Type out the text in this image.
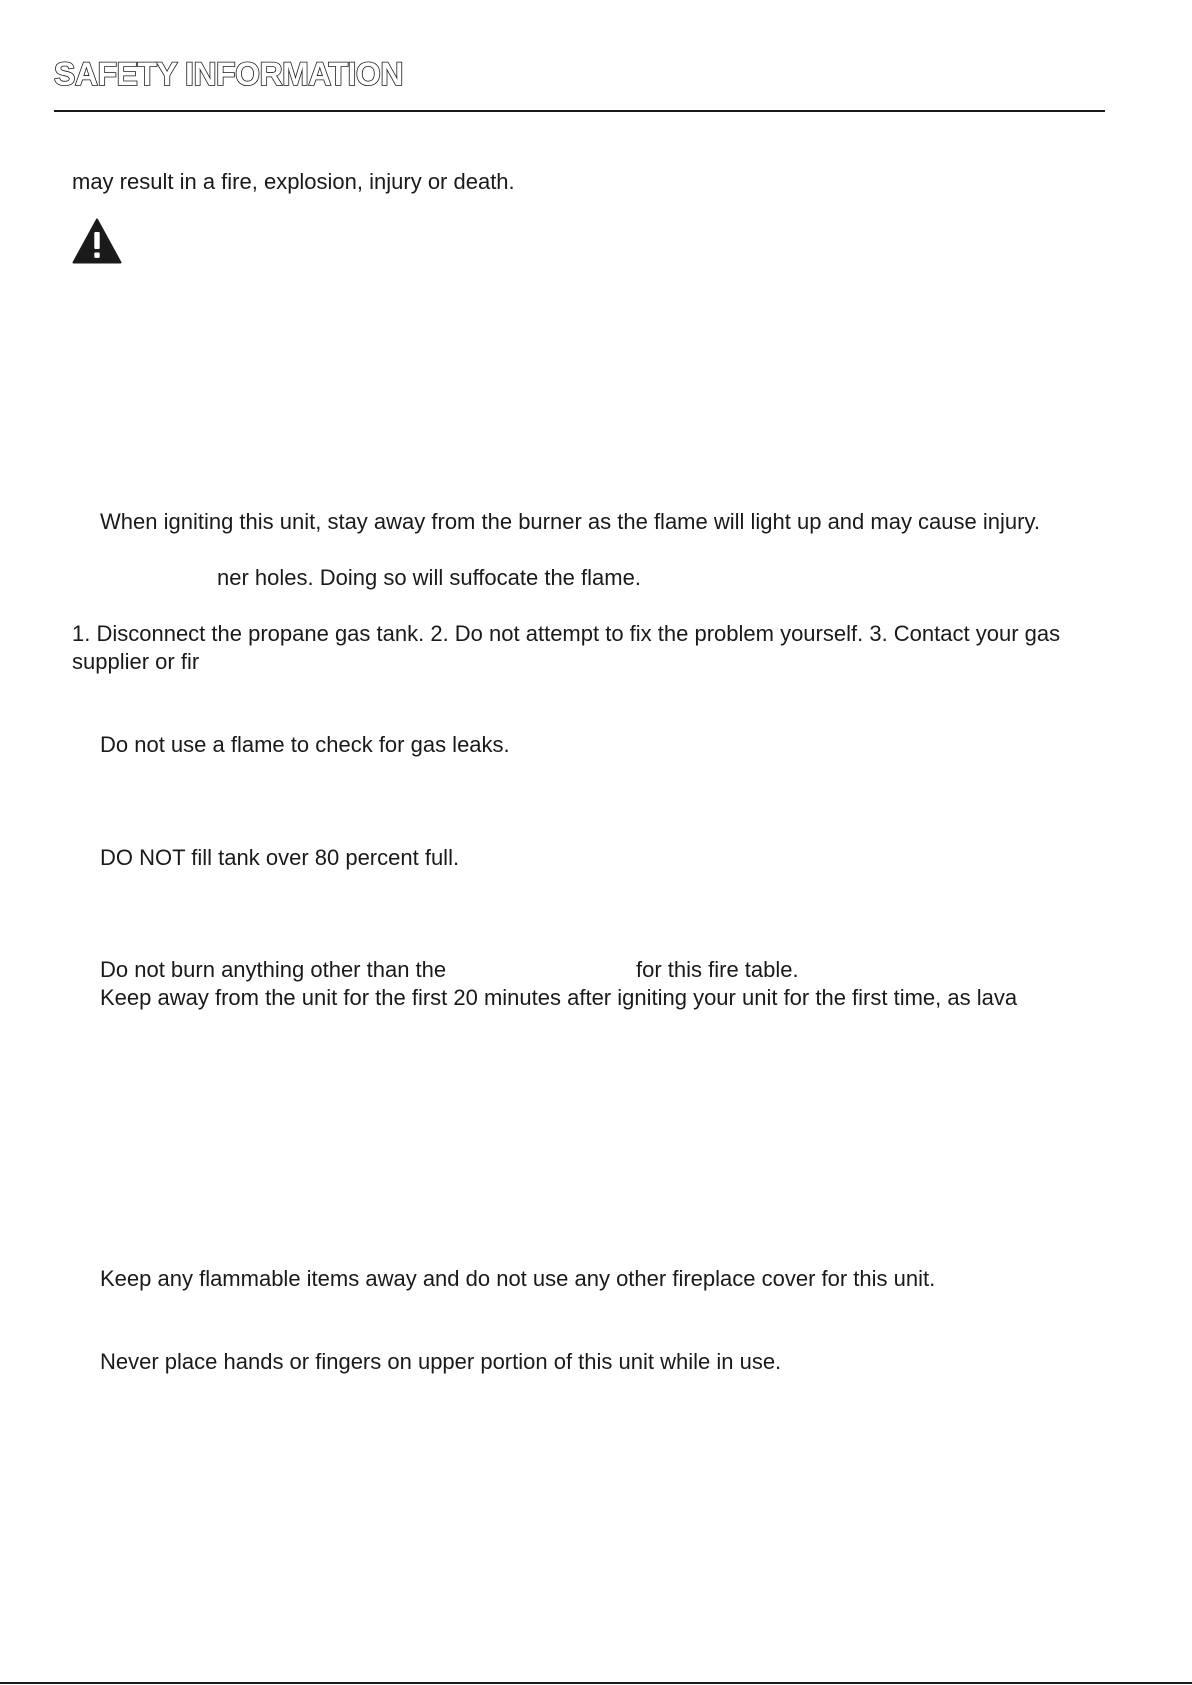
SAFETY INFORMATION
may result in a fire, explosion, injury or death.
When igniting this unit, stay away from the burner as the flame will light up and may cause injury.
ner holes. Doing so will suffocate the flame.
1. Disconnect the propane gas tank. 2. Do not attempt to fix the problem yourself. 3. Contact your gas
supplier or fir
Do not use a flame to check for gas leaks.
DO NOT fill tank over 80 percent full.
Do not burn anything other than the	for this fire table.
Keep away from the unit for the first 20 minutes after igniting your unit for the first time, as lava
Keep any flammable items away and do not use any other fireplace cover for this unit.
Never place hands or fingers on upper portion of this unit while in use.
